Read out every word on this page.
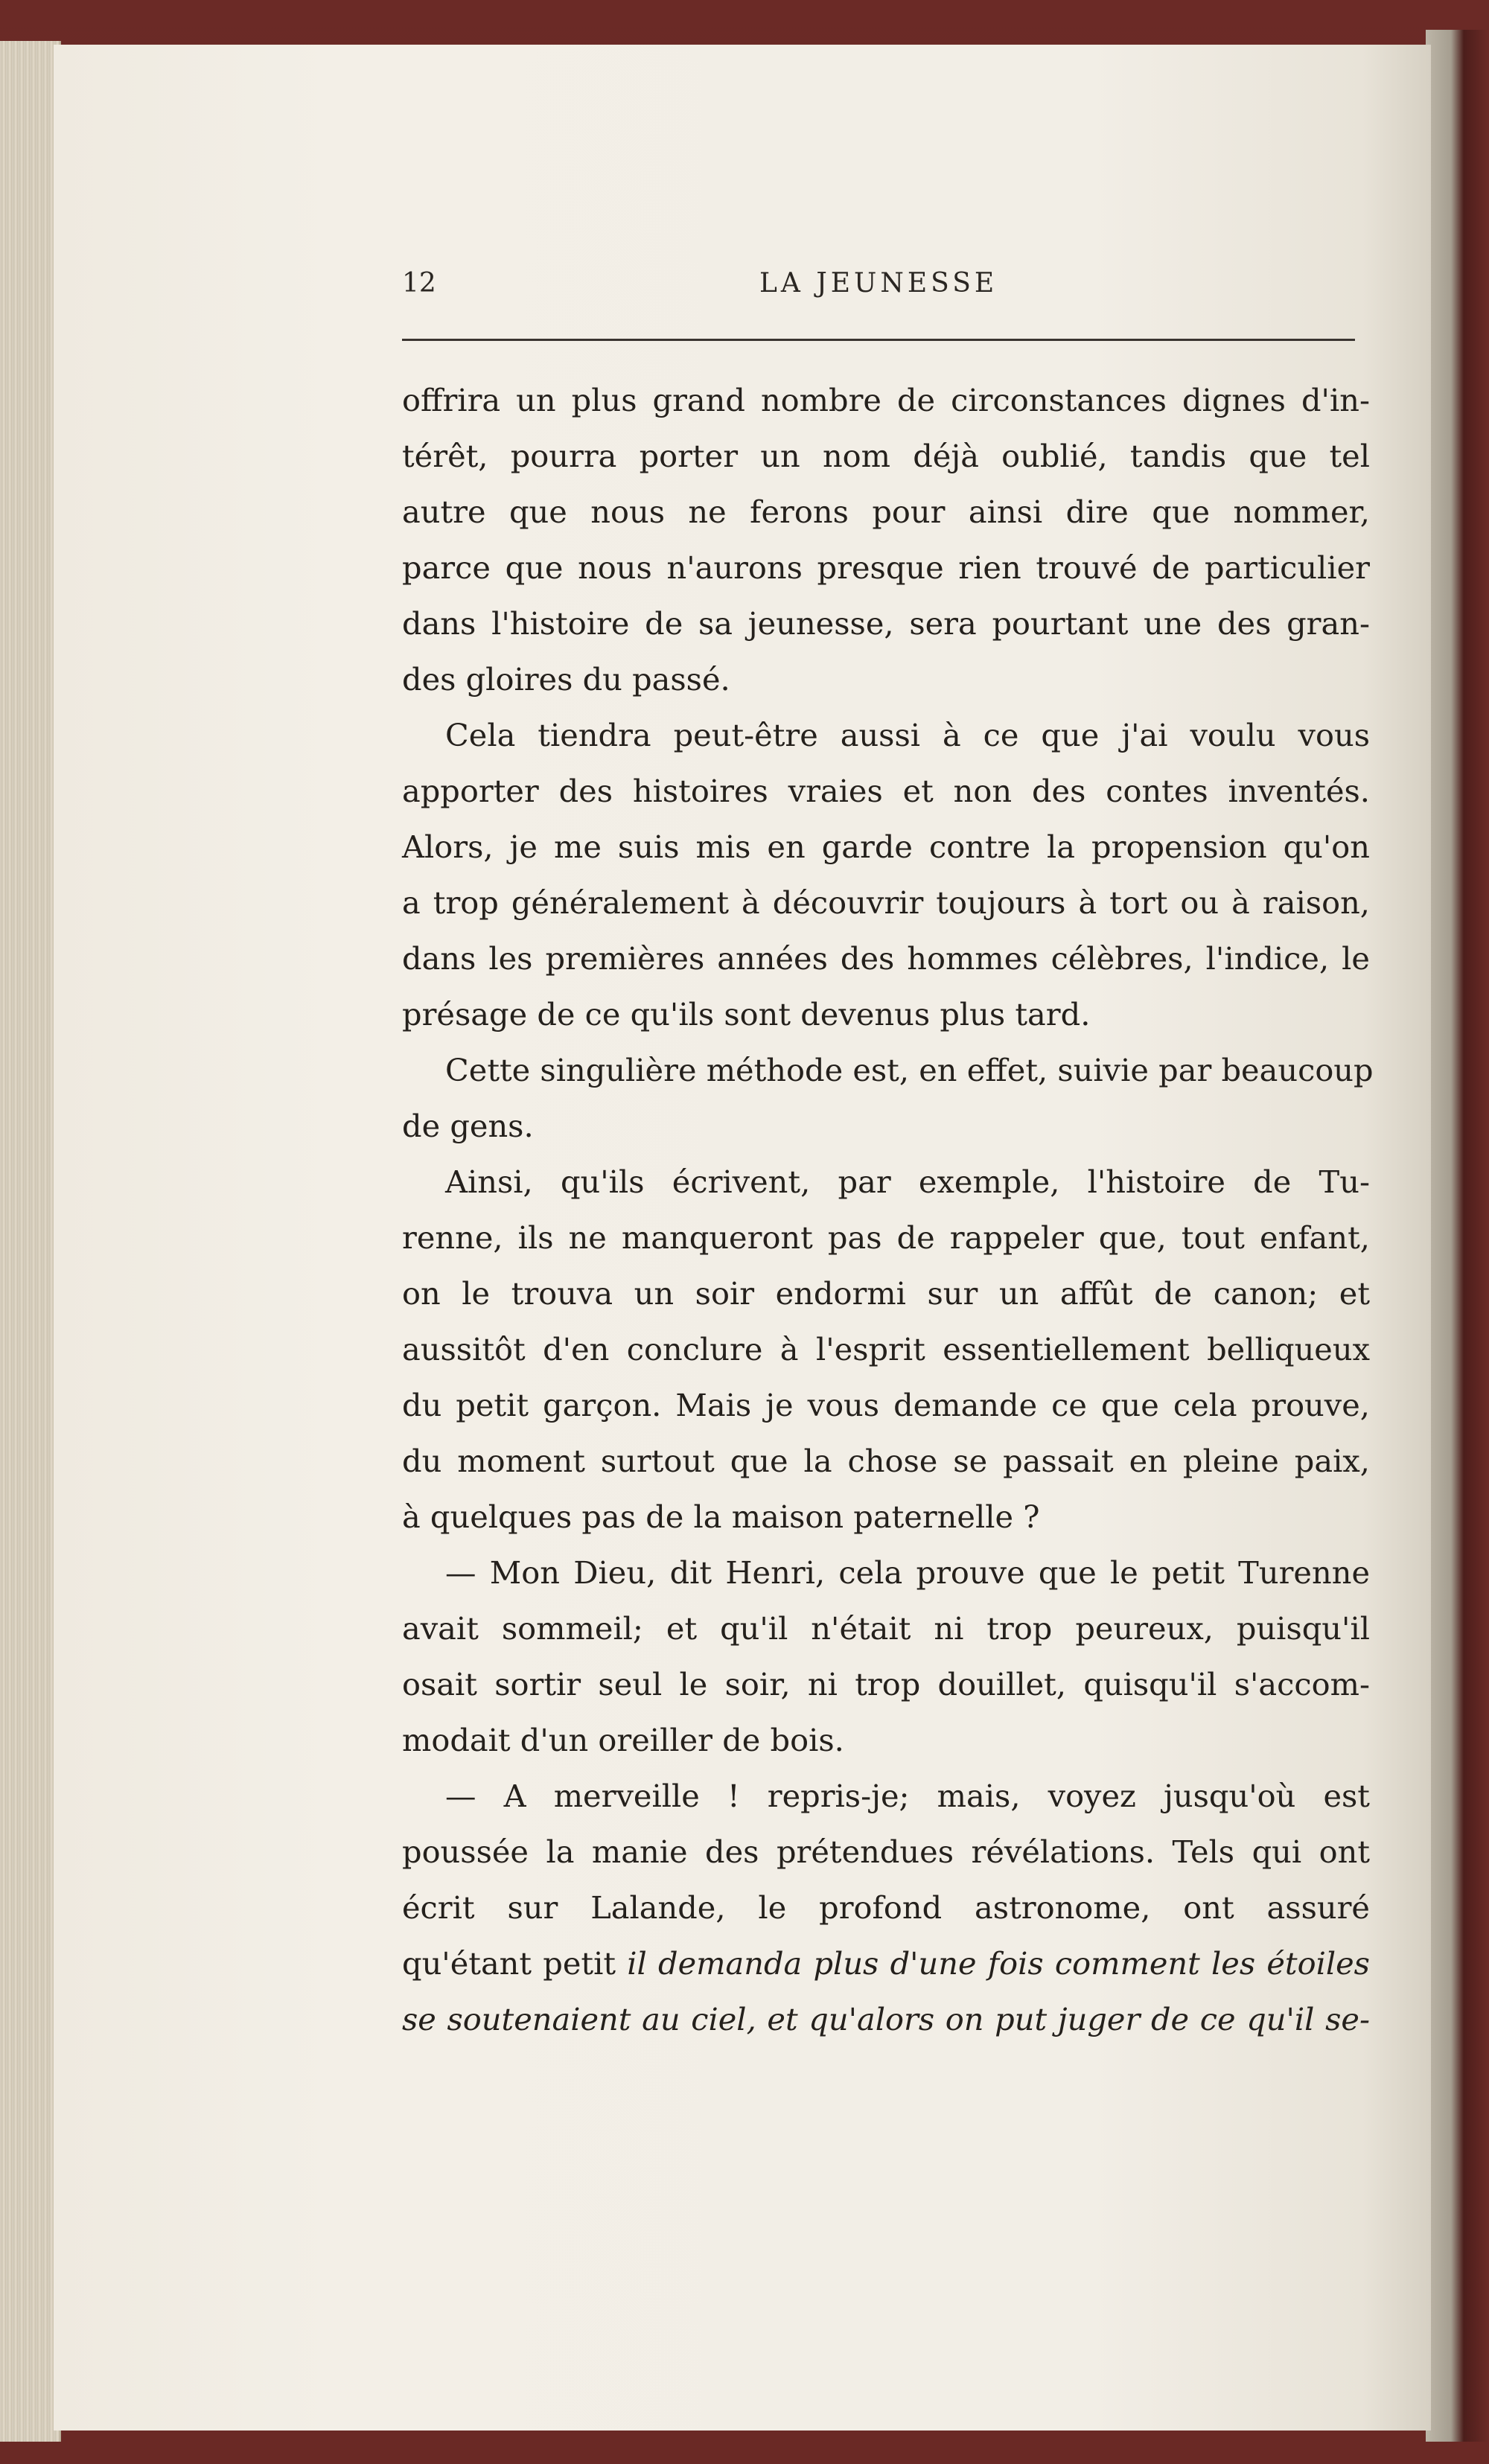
12	LA JEUNESSE
offrira un plus grand nombre de circonstances dignes d'in-
térêt, pourra porter un nom déjà oublié, tandis que tel
autre que nous ne ferons pour ainsi dire que nommer,
parce que nous n'aurons presque rien trouvé de particulier
dans l'histoire de sa jeunesse, sera pourtant une des gran-
des gloires du passé.
Cela tiendra peut-être aussi à ce que j'ai voulu vous
apporter des histoires vraies et non des contes inventés.
Alors, je me suis mis en garde contre la propension qu'on
a trop généralement à découvrir toujours à tort ou à raison,
dans les premières années des hommes célèbres, l'indice, le
présage de ce qu'ils sont devenus plus tard.
Cette singulière méthode est, en effet, suivie par beaucoup
de gens.
Ainsi, qu'ils écrivent, par exemple, l'histoire de Tu-
renne, ils ne manqueront pas de rappeler que, tout enfant,
on le trouva un soir endormi sur un affût de canon; et
aussitôt d'en conclure à l'esprit essentiellement belliqueux
du petit garçon. Mais je vous demande ce que cela prouve,
du moment surtout que la chose se passait en pleine paix,
à quelques pas de la maison paternelle ?
— Mon Dieu, dit Henri, cela prouve que le petit Turenne
avait sommeil; et qu'il n'était ni trop peureux, puisqu'il
osait sortir seul le soir, ni trop douillet, quisqu'il s'accom-
modait d'un oreiller de bois.
— A merveille ! repris-je; mais, voyez jusqu'où est
poussée la manie des prétendues révélations. Tels qui ont
écrit sur Lalande, le profond astronome, ont assuré
qu'étant petit il demanda plus d'une fois comment les étoiles
se soutenaient au ciel, et qu'alors on put juger de ce qu'il se-
